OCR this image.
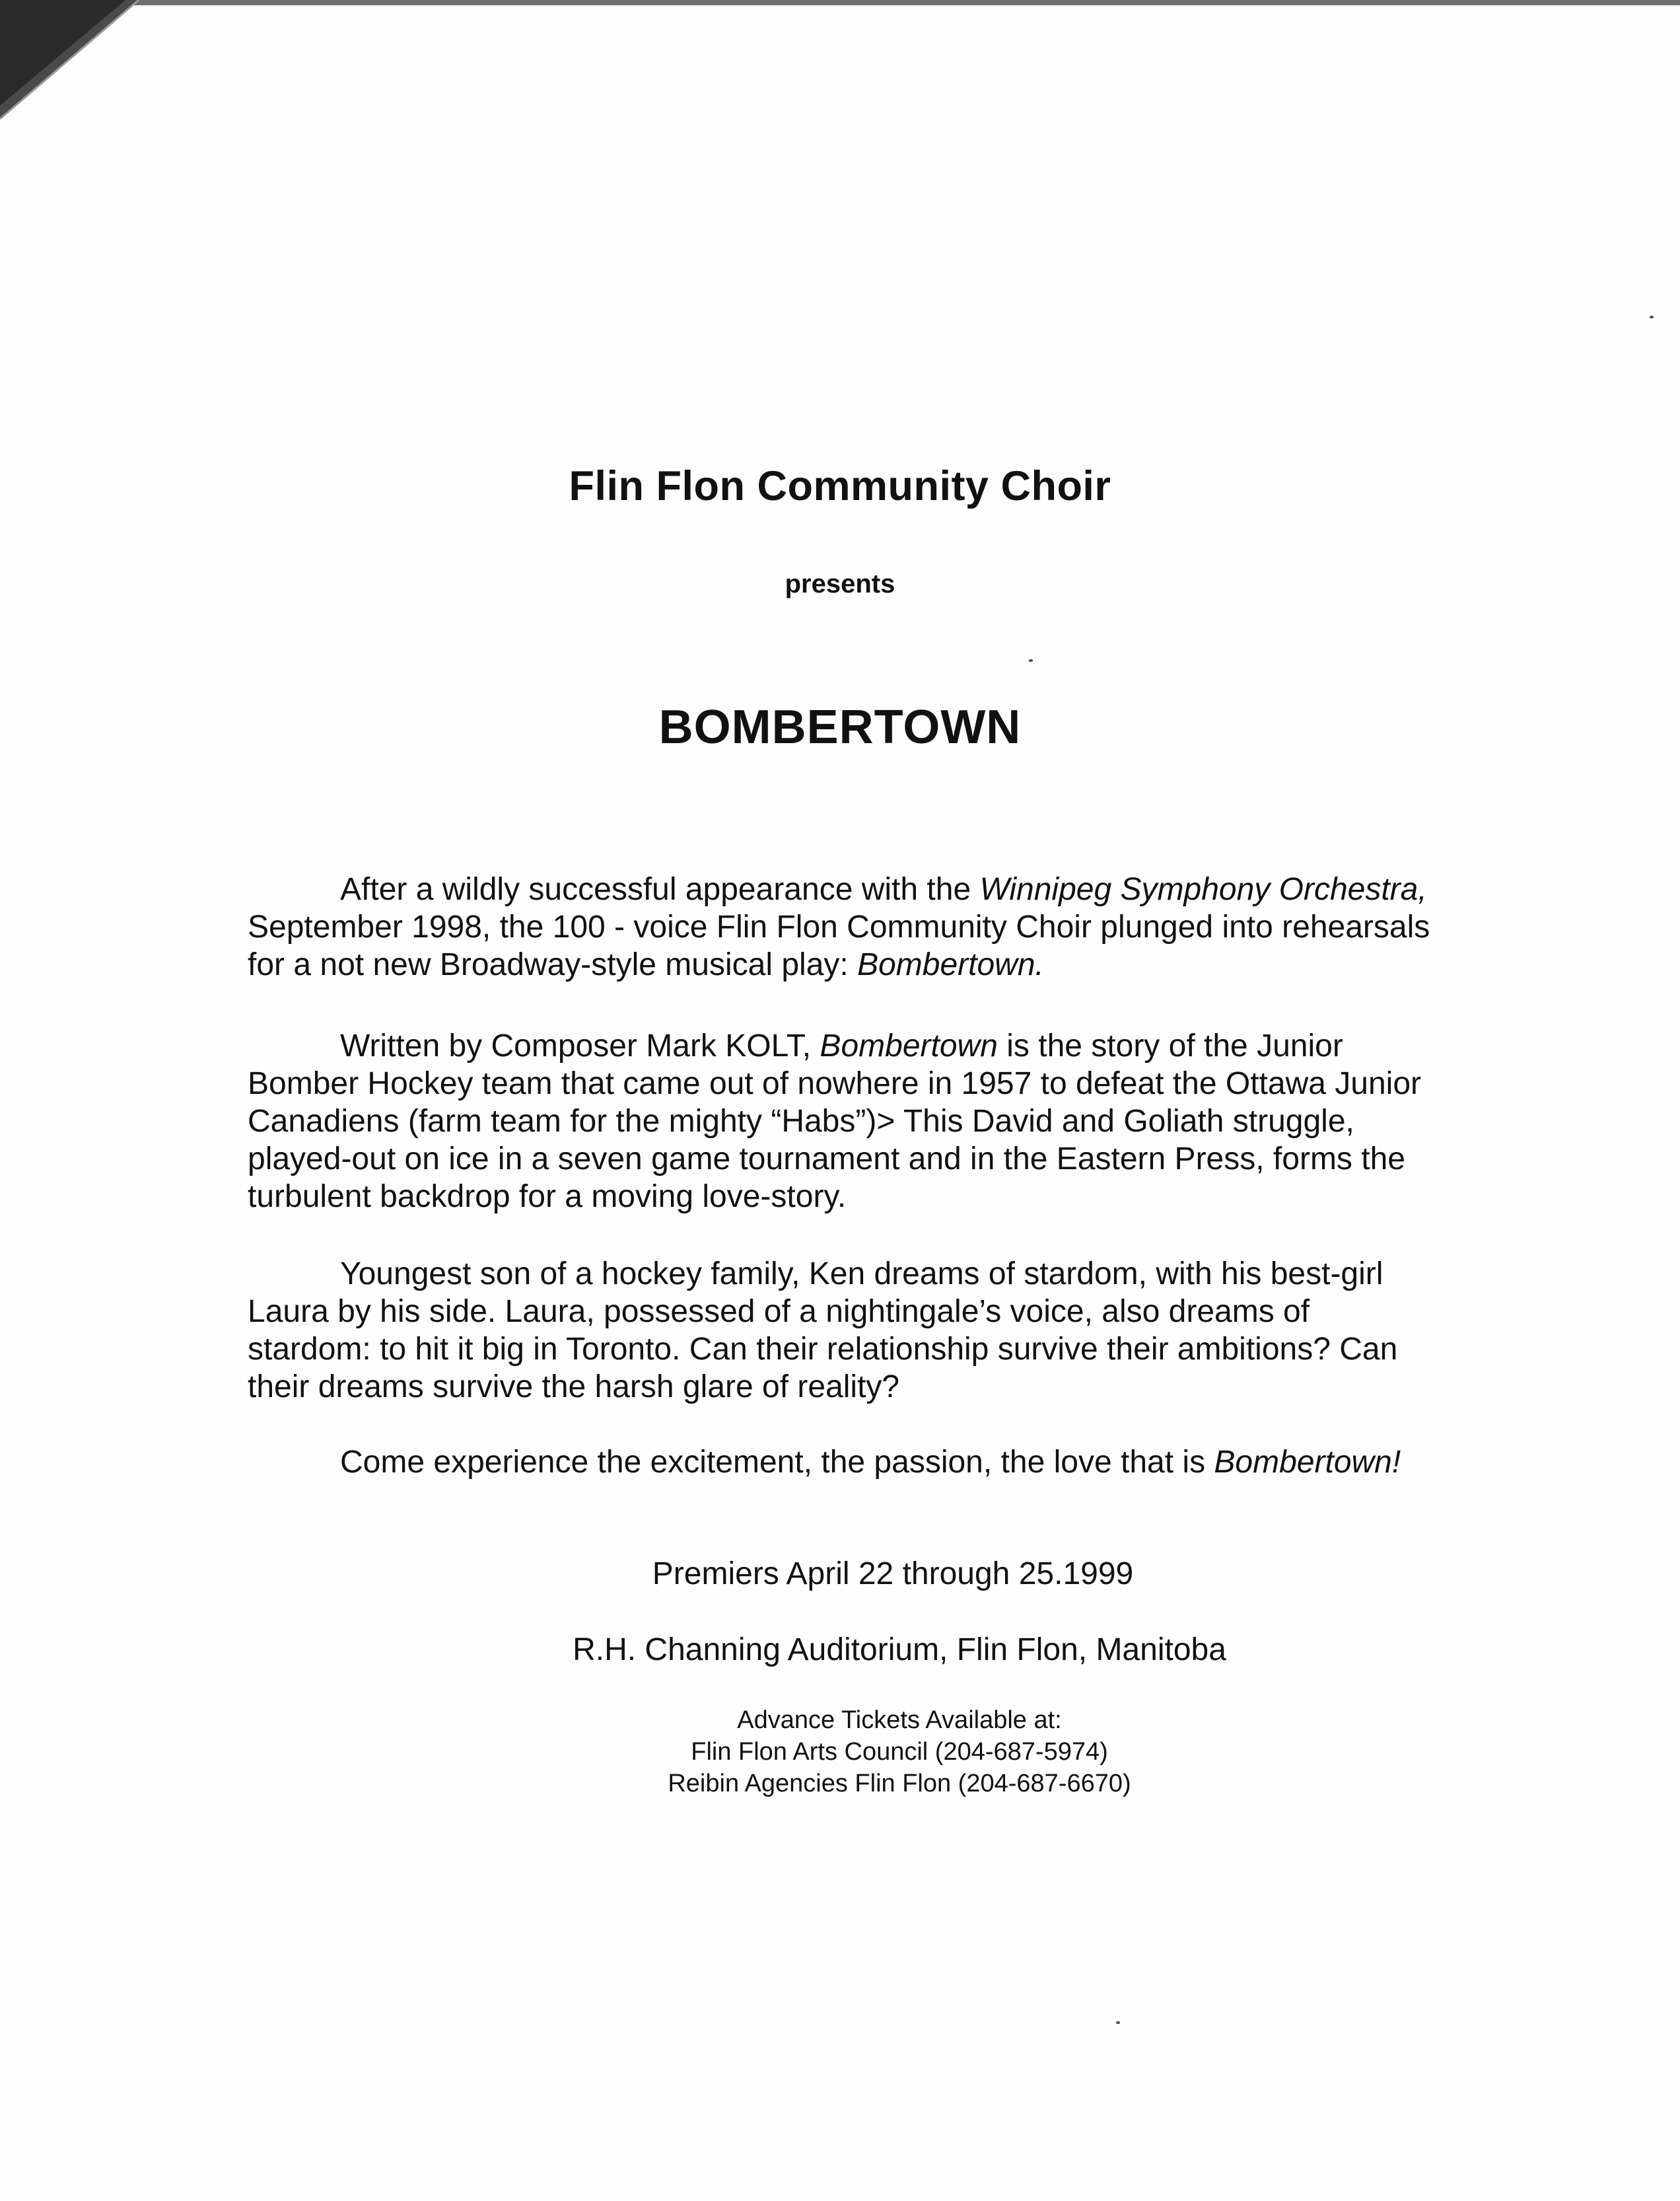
Flin Flon Community Choir
presents
BOMBERTOWN

After a wildly successful appearance with the Winnipeg Symphony Orchestra, September 1998, the 100 - voice Flin Flon Community Choir plunged into rehearsals for a not new Broadway-style musical play: Bombertown.

Written by Composer Mark KOLT, Bombertown is the story of the Junior Bomber Hockey team that came out of nowhere in 1957 to defeat the Ottawa Junior Canadiens (farm team for the mighty “Habs”)> This David and Goliath struggle, played-out on ice in a seven game tournament and in the Eastern Press, forms the turbulent backdrop for a moving love-story.

Youngest son of a hockey family, Ken dreams of stardom, with his best-girl Laura by his side. Laura, possessed of a nightingale’s voice, also dreams of stardom: to hit it big in Toronto. Can their relationship survive their ambitions? Can their dreams survive the harsh glare of reality?

Come experience the excitement, the passion, the love that is Bombertown!

Premiers April 22 through 25.1999
R.H. Channing Auditorium, Flin Flon, Manitoba
Advance Tickets Available at:
Flin Flon Arts Council (204-687-5974)
Reibin Agencies Flin Flon (204-687-6670)
